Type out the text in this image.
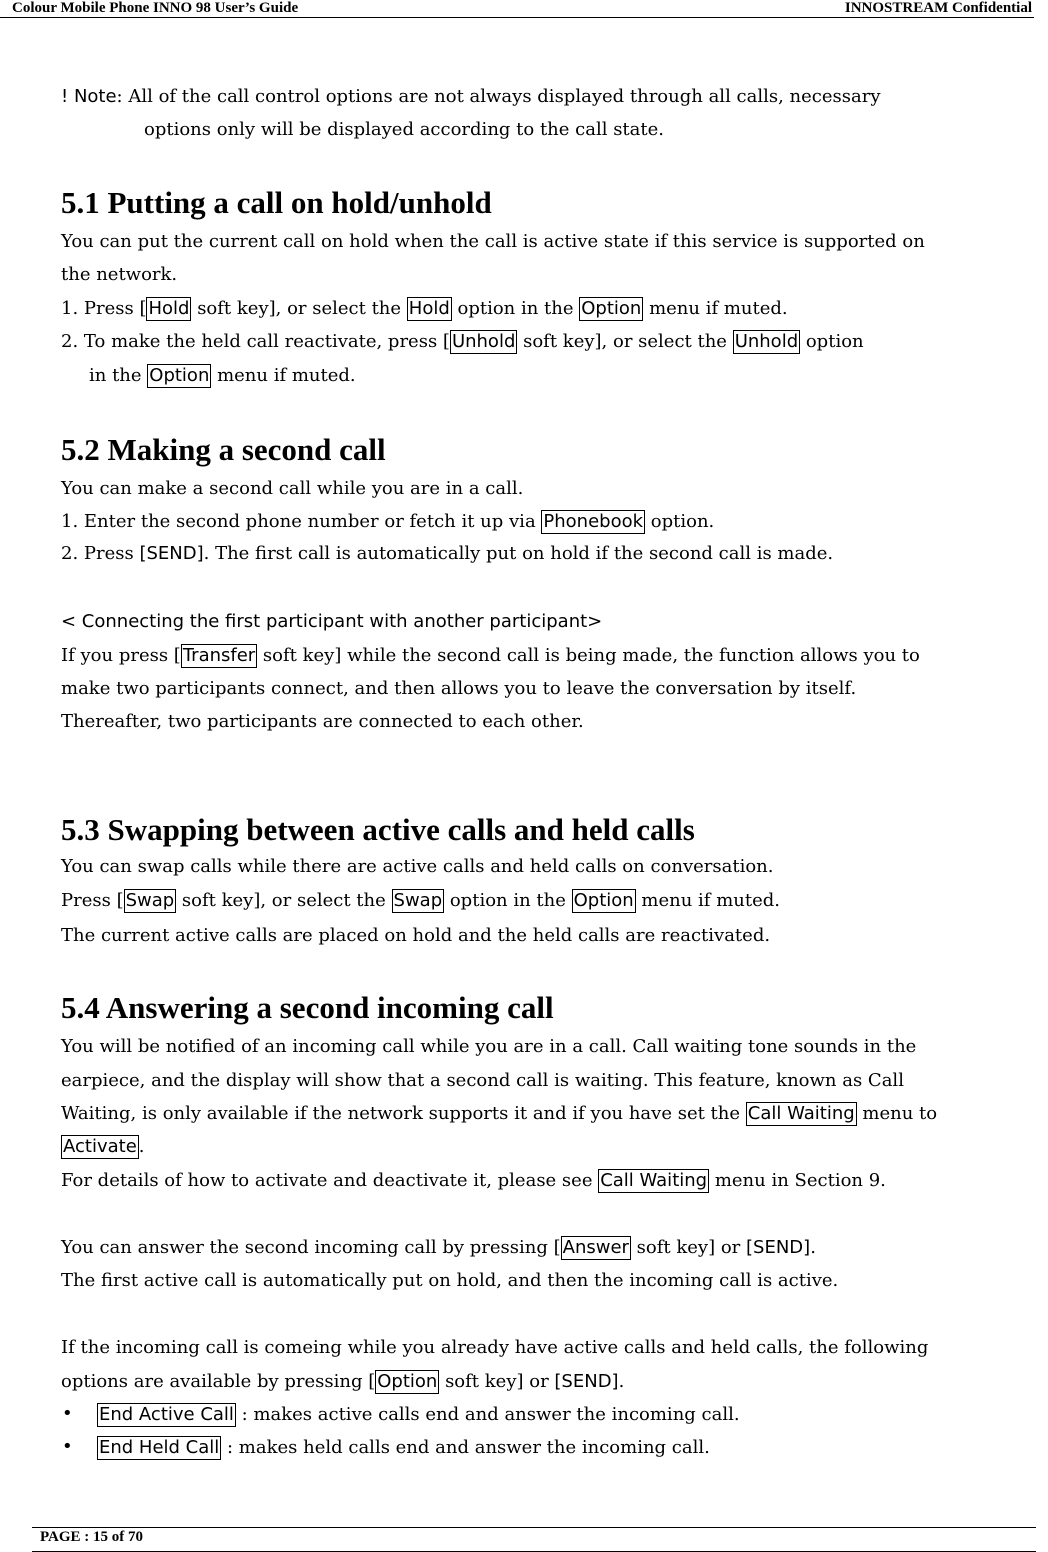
Colour Mobile Phone INNO 98 User’s Guide	INNOSTREAM Confidential
! Note: All of the call control options are not always displayed through all calls, necessary
options only will be displayed according to the call state.
5.1 Putting a call on hold/unhold
You can put the current call on hold when the call is active state if this service is supported on
the network.
1. Press [ Hold soft key], or select the Hold option in the Option menu if muted.
2. To make the held call reactivate, press [ Unhold soft key], or select the Unhold option
in the Option menu if muted.
5.2 Making a second call
You can make a second call while you are in a call.
1. Enter the second phone number or fetch it up via Phonebook option.
2. Press [SEND]. The first call is automatically put on hold if the second call is made.
< Connecting the first participant with another participant>
If you press [ Transfer soft key] while the second call is being made, the function allows you to
make two participants connect, and then allows you to leave the conversation by itself.
Thereafter, two participants are connected to each other.
5.3 Swapping between active calls and held calls
You can swap calls while there are active calls and held calls on conversation.
Press [ Swap soft key], or select the Swap option in the Option menu if muted.
The current active calls are placed on hold and the held calls are reactivated.
5.4 Answering a second incoming call
You will be notified of an incoming call while you are in a call. Call waiting tone sounds in the
earpiece, and the display will show that a second call is waiting. This feature, known as Call
Waiting, is only available if the network supports it and if you have set the Call Waiting menu to
Activate .
For details of how to activate and deactivate it, please see Call Waiting menu in Section 9.
You can answer the second incoming call by pressing [ Answer soft key] or [SEND].
The first active call is automatically put on hold, and then the incoming call is active.
If the incoming call is comeing while you already have active calls and held calls, the following
options are available by pressing [ Option soft key] or [SEND].
• End Active Call : makes active calls end and answer the incoming call.
• End Held Call : makes held calls end and answer the incoming call.
PAGE : 15 of 70
